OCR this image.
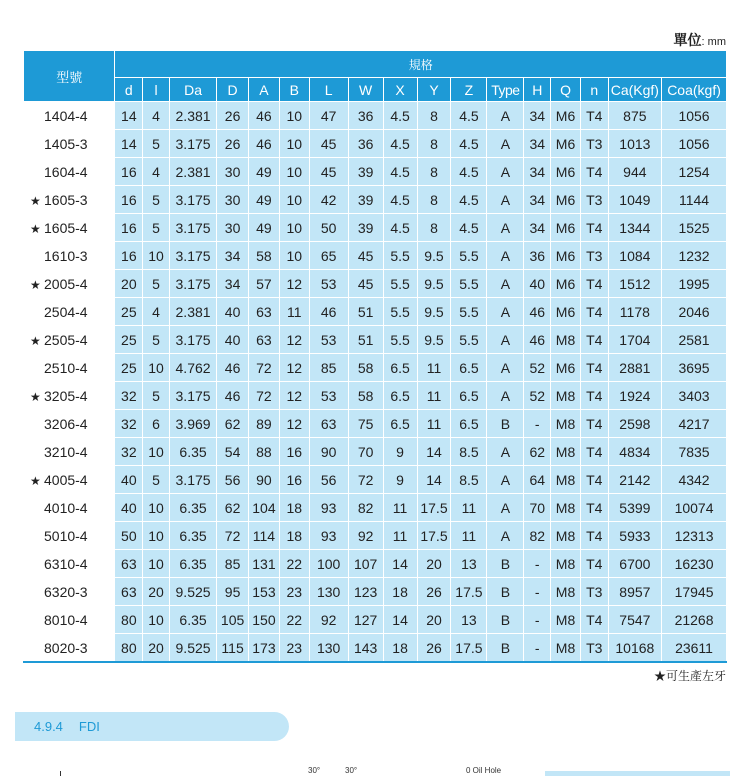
單位: mm
型號	規格																
	d	l	Da	D	A	B	L	W	X	Y	Z	Type	H	Q	n	Ca(Kgf)	Coa(kgf)
1404-4	14	4	2.381	26	46	10	47	36	4.5	8	4.5	A	34	M6	T4	875	1056
1405-3	14	5	3.175	26	46	10	45	36	4.5	8	4.5	A	34	M6	T3	1013	1056
1604-4	16	4	2.381	30	49	10	45	39	4.5	8	4.5	A	34	M6	T4	944	1254
★ 1605-3	16	5	3.175	30	49	10	42	39	4.5	8	4.5	A	34	M6	T3	1049	1144
★ 1605-4	16	5	3.175	30	49	10	50	39	4.5	8	4.5	A	34	M6	T4	1344	1525
1610-3	16	10	3.175	34	58	10	65	45	5.5	9.5	5.5	A	36	M6	T3	1084	1232
★ 2005-4	20	5	3.175	34	57	12	53	45	5.5	9.5	5.5	A	40	M6	T4	1512	1995
2504-4	25	4	2.381	40	63	11	46	51	5.5	9.5	5.5	A	46	M6	T4	1178	2046
★ 2505-4	25	5	3.175	40	63	12	53	51	5.5	9.5	5.5	A	46	M8	T4	1704	2581
2510-4	25	10	4.762	46	72	12	85	58	6.5	11	6.5	A	52	M6	T4	2881	3695
★ 3205-4	32	5	3.175	46	72	12	53	58	6.5	11	6.5	A	52	M8	T4	1924	3403
3206-4	32	6	3.969	62	89	12	63	75	6.5	11	6.5	B	-	M8	T4	2598	4217
3210-4	32	10	6.35	54	88	16	90	70	9	14	8.5	A	62	M8	T4	4834	7835
★ 4005-4	40	5	3.175	56	90	16	56	72	9	14	8.5	A	64	M8	T4	2142	4342
4010-4	40	10	6.35	62	104	18	93	82	11	17.5	11	A	70	M8	T4	5399	10074
5010-4	50	10	6.35	72	114	18	93	92	11	17.5	11	A	82	M8	T4	5933	12313
6310-4	63	10	6.35	85	131	22	100	107	14	20	13	B	-	M8	T4	6700	16230
6320-3	63	20	9.525	95	153	23	130	123	18	26	17.5	B	-	M8	T3	8957	17945
8010-4	80	10	6.35	105	150	22	92	127	14	20	13	B	-	M8	T4	7547	21268
8020-3	80	20	9.525	115	173	23	130	143	18	26	17.5	B	-	M8	T3	10168	23611
★可生產左牙
4.9.4 FDI
30°	30°	0 Oil Hole
